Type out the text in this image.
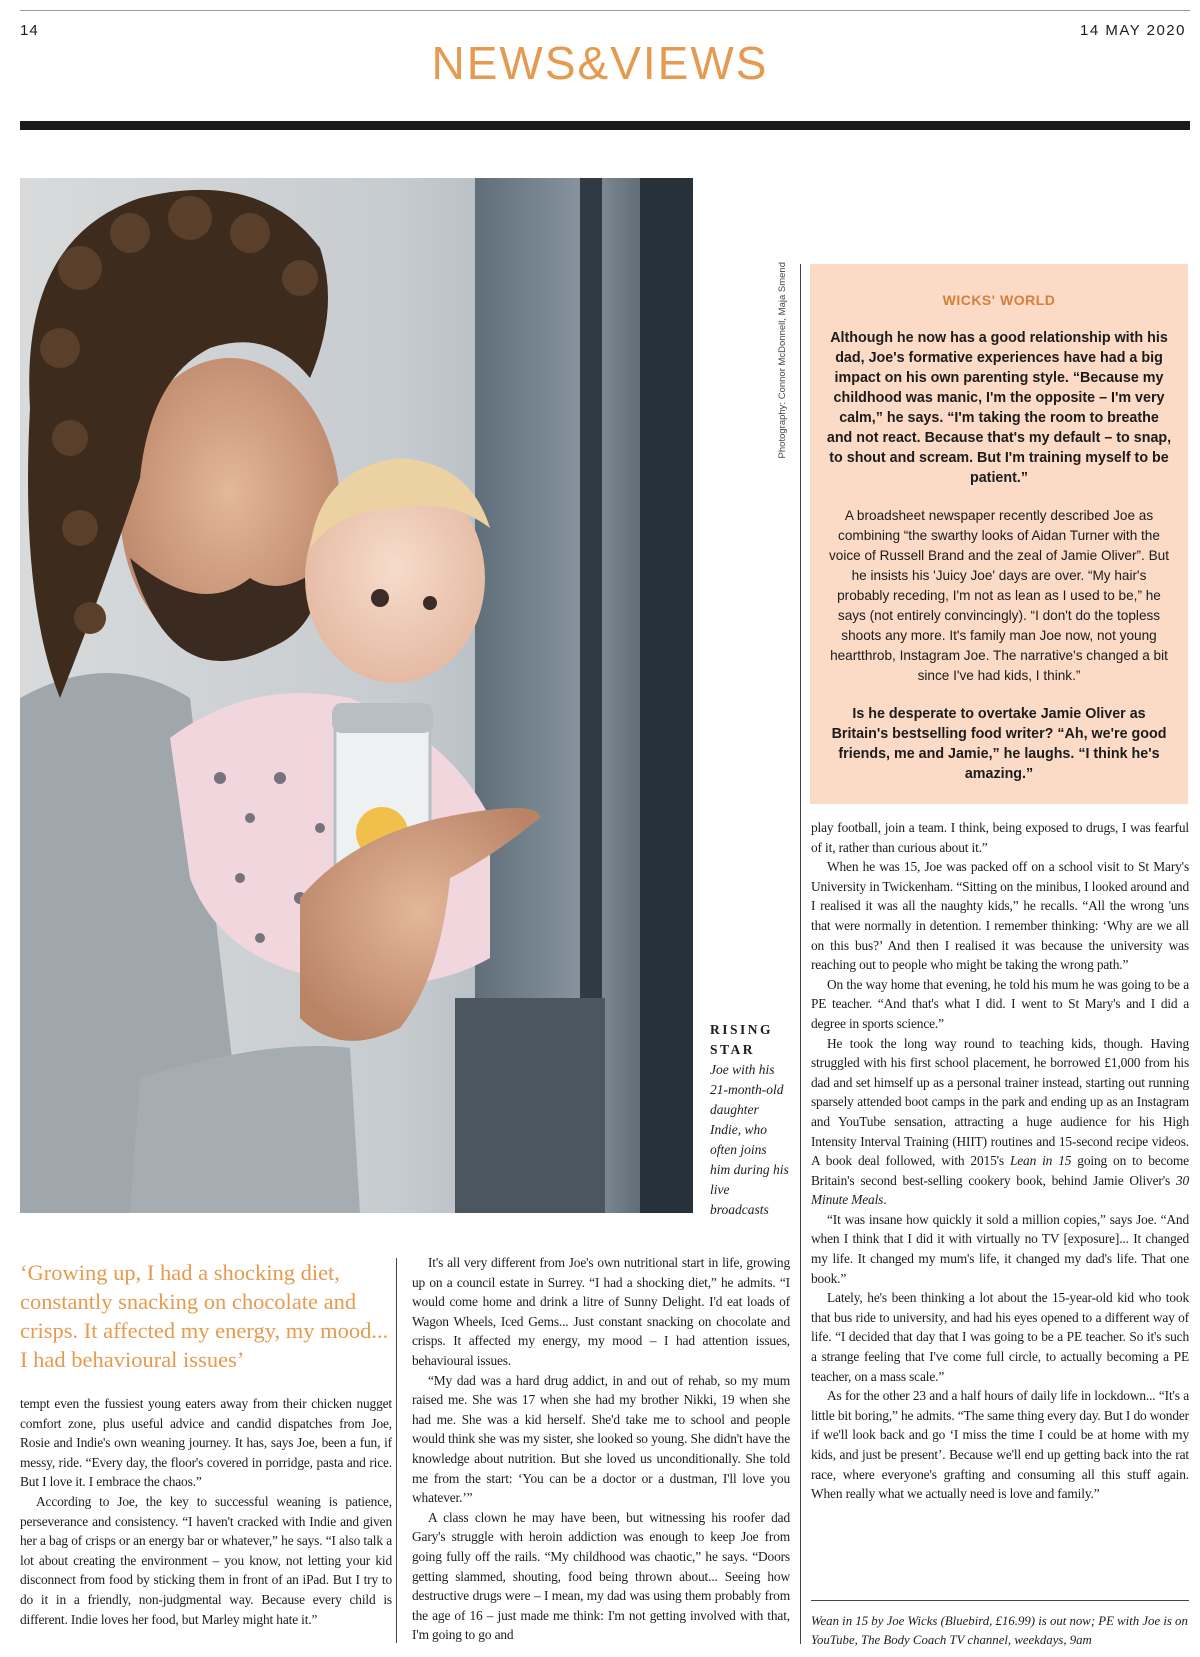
14	14 MAY 2020
NEWS&VIEWS
Photography: Connor McDonnell, Maja Smend
RISING
STAR
Joe with his 21-month-old daughter Indie, who often joins him during his live broadcasts
WICKS' WORLD

Although he now has a good relationship with his dad, Joe's formative experiences have had a big impact on his own parenting style. “Because my childhood was manic, I'm the opposite – I'm very calm,” he says. “I'm taking the room to breathe and not react. Because that's my default – to snap, to shout and scream. But I'm training myself to be patient.”

A broadsheet newspaper recently described Joe as combining “the swarthy looks of Aidan Turner with the voice of Russell Brand and the zeal of Jamie Oliver”. But he insists his 'Juicy Joe' days are over. “My hair's probably receding, I'm not as lean as I used to be,” he says (not entirely convincingly). “I don't do the topless shoots any more. It's family man Joe now, not young heartthrob, Instagram Joe. The narrative's changed a bit since I've had kids, I think.”

Is he desperate to overtake Jamie Oliver as Britain's bestselling food writer? “Ah, we're good friends, me and Jamie,” he laughs. “I think he's amazing.”

‘Growing up, I had a shocking diet, constantly snacking on chocolate and crisps. It affected my energy, my mood... I had behavioural issues’

tempt even the fussiest young eaters away from their chicken nugget comfort zone, plus useful advice and candid dispatches from Joe, Rosie and Indie's own weaning journey. It has, says Joe, been a fun, if messy, ride. “Every day, the floor's covered in porridge, pasta and rice. But I love it. I embrace the chaos.”

According to Joe, the key to successful weaning is patience, perseverance and consistency. “I haven't cracked with Indie and given her a bag of crisps or an energy bar or whatever,” he says. “I also talk a lot about creating the environment – you know, not letting your kid disconnect from food by sticking them in front of an iPad. But I try to do it in a friendly, non-judgmental way. Because every child is different. Indie loves her food, but Marley might hate it.”

It's all very different from Joe's own nutritional start in life, growing up on a council estate in Surrey. “I had a shocking diet,” he admits. “I would come home and drink a litre of Sunny Delight. I'd eat loads of Wagon Wheels, Iced Gems... Just constant snacking on chocolate and crisps. It affected my energy, my mood – I had attention issues, behavioural issues.

“My dad was a hard drug addict, in and out of rehab, so my mum raised me. She was 17 when she had my brother Nikki, 19 when she had me. She was a kid herself. She'd take me to school and people would think she was my sister, she looked so young. She didn't have the knowledge about nutrition. But she loved us unconditionally. She told me from the start: ‘You can be a doctor or a dustman, I'll love you whatever.’”

A class clown he may have been, but witnessing his roofer dad Gary's struggle with heroin addiction was enough to keep Joe from going fully off the rails. “My childhood was chaotic,” he says. “Doors getting slammed, shouting, food being thrown about... Seeing how destructive drugs were – I mean, my dad was using them probably from the age of 16 – just made me think: I'm not getting involved with that, I'm going to go and

play football, join a team. I think, being exposed to drugs, I was fearful of it, rather than curious about it.”

When he was 15, Joe was packed off on a school visit to St Mary's University in Twickenham. “Sitting on the minibus, I looked around and I realised it was all the naughty kids,” he recalls. “All the wrong 'uns that were normally in detention. I remember thinking: ‘Why are we all on this bus?’ And then I realised it was because the university was reaching out to people who might be taking the wrong path.”

On the way home that evening, he told his mum he was going to be a PE teacher. “And that's what I did. I went to St Mary's and I did a degree in sports science.”

He took the long way round to teaching kids, though. Having struggled with his first school placement, he borrowed £1,000 from his dad and set himself up as a personal trainer instead, starting out running sparsely attended boot camps in the park and ending up as an Instagram and YouTube sensation, attracting a huge audience for his High Intensity Interval Training (HIIT) routines and 15-second recipe videos. A book deal followed, with 2015's Lean in 15 going on to become Britain's second best-selling cookery book, behind Jamie Oliver's 30 Minute Meals.

“It was insane how quickly it sold a million copies,” says Joe. “And when I think that I did it with virtually no TV [exposure]... It changed my life. It changed my mum's life, it changed my dad's life. That one book.”

Lately, he's been thinking a lot about the 15-year-old kid who took that bus ride to university, and had his eyes opened to a different way of life. “I decided that day that I was going to be a PE teacher. So it's such a strange feeling that I've come full circle, to actually becoming a PE teacher, on a mass scale.”

As for the other 23 and a half hours of daily life in lockdown... “It's a little bit boring,” he admits. “The same thing every day. But I do wonder if we'll look back and go ‘I miss the time I could be at home with my kids, and just be present’. Because we'll end up getting back into the rat race, where everyone's grafting and consuming all this stuff again. When really what we actually need is love and family.”

Wean in 15 by Joe Wicks (Bluebird, £16.99) is out now; PE with Joe is on YouTube, The Body Coach TV channel, weekdays, 9am
